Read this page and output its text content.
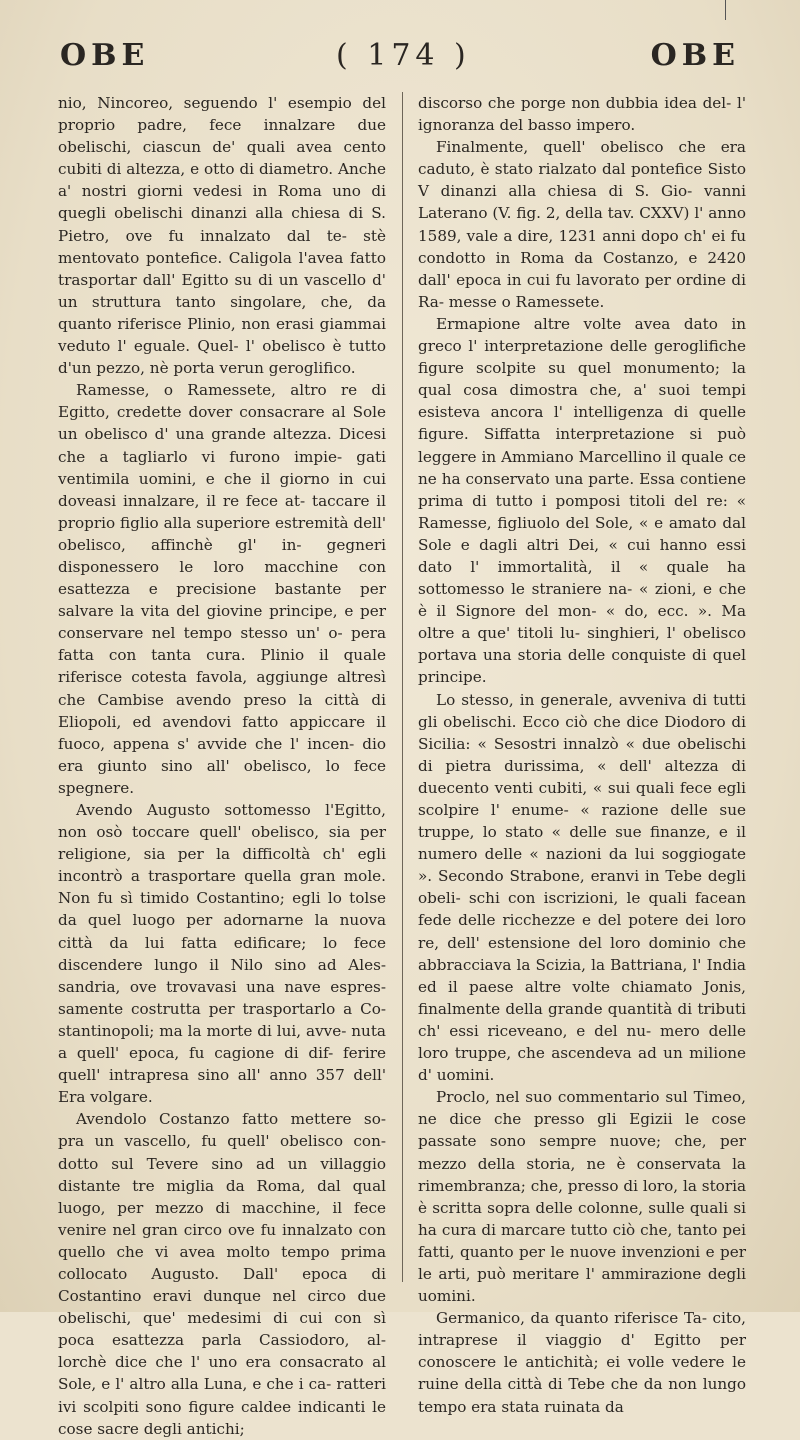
OBE	( 174 )	OBE

nio, Nincoreo, seguendo l' esempio del proprio padre, fece innalzare due obelischi, ciascun de' quali avea cento cubiti di altezza, e otto di diametro. Anche a' nostri giorni vedesi in Roma uno di quegli obelischi dinanzi alla chiesa di S. Pietro, ove fu innalzato dal te- stè mentovato pontefice. Caligola l'avea fatto trasportar dall' Egitto su di un vascello d' un struttura tanto singolare, che, da quanto riferisce Plinio, non erasi giammai veduto l' eguale. Quel- l' obelisco è tutto d'un pezzo, nè porta verun geroglifico.

Ramesse, o Ramessete, altro re di Egitto, credette dover consacrare al Sole un obelisco d' una grande altezza. Dicesi che a tagliarlo vi furono impie- gati ventimila uomini, e che il giorno in cui doveasi innalzare, il re fece at- taccare il proprio figlio alla superiore estremità dell' obelisco, affinchè gl' in- gegneri disponessero le loro macchine con esattezza e precisione bastante per salvare la vita del giovine principe, e per conservare nel tempo stesso un' o- pera fatta con tanta cura. Plinio il quale riferisce cotesta favola, aggiunge altresì che Cambise avendo preso la città di Eliopoli, ed avendovi fatto appiccare il fuoco, appena s' avvide che l' incen- dio era giunto sino all' obelisco, lo fece spegnere.

Avendo Augusto sottomesso l'Egitto, non osò toccare quell' obelisco, sia per religione, sia per la difficoltà ch' egli incontrò a trasportare quella gran mole. Non fu sì timido Costantino; egli lo tolse da quel luogo per adornarne la nuova città da lui fatta edificare; lo fece discendere lungo il Nilo sino ad Ales- sandria, ove trovavasi una nave espres- samente costrutta per trasportarlo a Co- stantinopoli; ma la morte di lui, avve- nuta a quell' epoca, fu cagione di dif- ferire quell' intrapresa sino all' anno 357 dell' Era volgare.

Avendolo Costanzo fatto mettere so- pra un vascello, fu quell' obelisco con- dotto sul Tevere sino ad un villaggio distante tre miglia da Roma, dal qual luogo, per mezzo di macchine, il fece venire nel gran circo ove fu innalzato con quello che vi avea molto tempo prima collocato Augusto. Dall' epoca di Costantino eravi dunque nel circo due obelischi, que' medesimi di cui con sì poca esattezza parla Cassiodoro, al- lorchè dice che l' uno era consacrato al Sole, e l' altro alla Luna, e che i ca- ratteri ivi scolpiti sono figure caldee indicanti le cose sacre degli antichi;

discorso che porge non dubbia idea del- l' ignoranza del basso impero.

Finalmente, quell' obelisco che era caduto, è stato rialzato dal pontefice Sisto V dinanzi alla chiesa di S. Gio- vanni Laterano (V. fig. 2, della tav. CXXV) l' anno 1589, vale a dire, 1231 anni dopo ch' ei fu condotto in Roma da Costanzo, e 2420 dall' epoca in cui fu lavorato per ordine di Ra- messe o Ramessete.

Ermapione altre volte avea dato in greco l' interpretazione delle geroglifiche figure scolpite su quel monumento; la qual cosa dimostra che, a' suoi tempi esisteva ancora l' intelligenza di quelle figure. Siffatta interpretazione si può leggere in Ammiano Marcellino il quale ce ne ha conservato una parte. Essa contiene prima di tutto i pomposi titoli del re: « Ramesse, figliuolo del Sole, « e amato dal Sole e dagli altri Dei, « cui hanno essi dato l' immortalità, il « quale ha sottomesso le straniere na- « zioni, e che è il Signore del mon- « do, ecc. ». Ma oltre a que' titoli lu- singhieri, l' obelisco portava una storia delle conquiste di quel principe.

Lo stesso, in generale, avveniva di tutti gli obelischi. Ecco ciò che dice Diodoro di Sicilia: « Sesostri innalzò « due obelischi di pietra durissima, « dell' altezza di duecento venti cubiti, « sui quali fece egli scolpire l' enume- « razione delle sue truppe, lo stato « delle sue finanze, e il numero delle « nazioni da lui soggiogate ». Secondo Strabone, eranvi in Tebe degli obeli- schi con iscrizioni, le quali facean fede delle ricchezze e del potere dei loro re, dell' estensione del loro dominio che abbracciava la Scizia, la Battriana, l' India ed il paese altre volte chiamato Jonis, finalmente della grande quantità di tributi ch' essi riceveano, e del nu- mero delle loro truppe, che ascendeva ad un milione d' uomini.

Proclo, nel suo commentario sul Timeo, ne dice che presso gli Egizii le cose passate sono sempre nuove; che, per mezzo della storia, ne è conservata la rimembranza; che, presso di loro, la storia è scritta sopra delle colonne, sulle quali si ha cura di marcare tutto ciò che, tanto pei fatti, quanto per le nuove invenzioni e per le arti, può meritare l' ammirazione degli uomini.

Germanico, da quanto riferisce Ta- cito, intraprese il viaggio d' Egitto per conoscere le antichità; ei volle vedere le ruine della città di Tebe che da non lungo tempo era stata ruinata da
